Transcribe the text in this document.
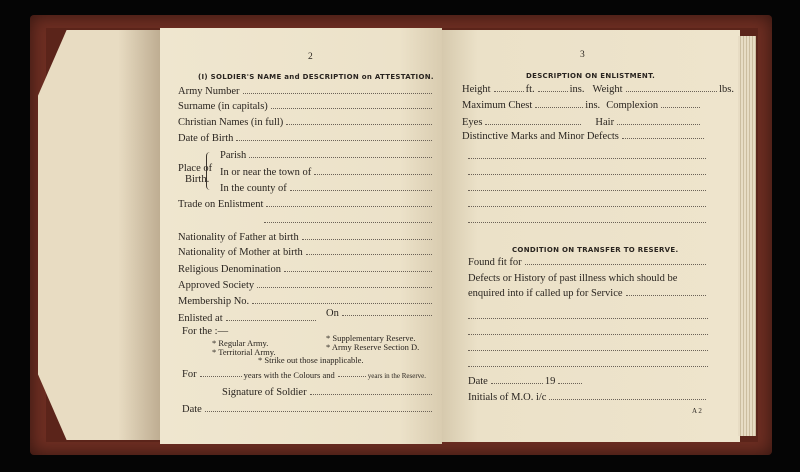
2
(I) SOLDIER'S NAME and DESCRIPTION on ATTESTATION.
Army Number
Surname (in capitals)
Christian Names (in full)
Date of Birth
Place of
Birth.
Parish
In or near the town of
In the county of
Trade on Enlistment
Nationality of Father at birth
Nationality of Mother at birth
Religious Denomination
Approved Society
Membership No.
Enlisted at	On
For the :—
* Regular Army.
* Territorial Army.
* Supplementary Reserve.
* Army Reserve Section D.
* Strike out those inapplicable.
For	years with the Colours and	years in the Reserve.
Signature of Soldier
Date
3
DESCRIPTION ON ENLISTMENT.
Height	ft.	ins. Weight	lbs.
Maximum Chest	ins. Complexion
Eyes	Hair
Distinctive Marks and Minor Defects
CONDITION ON TRANSFER TO RESERVE.
Found fit for
Defects or History of past illness which should be
enquired into if called up for Service
Date	19
Initials of M.O. i/c
A 2
